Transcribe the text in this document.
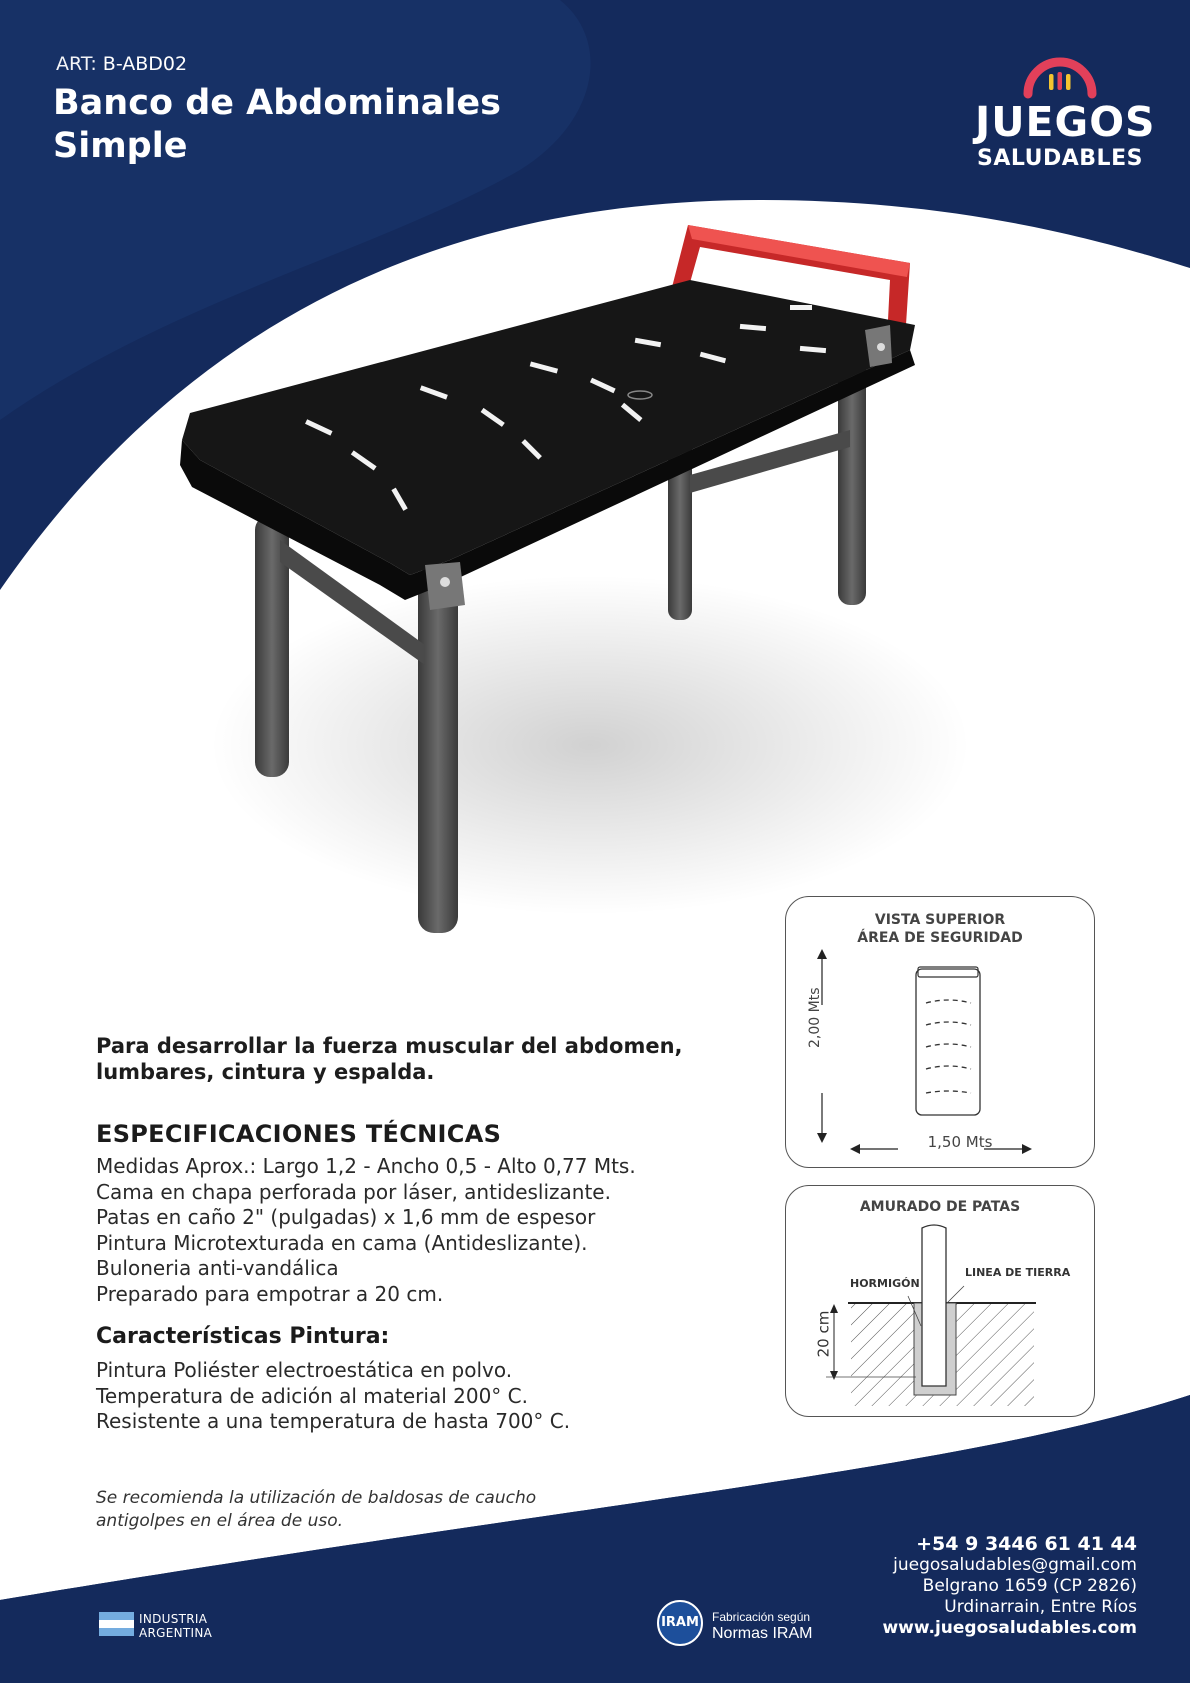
ART: B-ABD02
Banco de Abdominales
Simple	JUEGOS
SALUDABLES

Para desarrollar la fuerza muscular del abdomen,
lumbares, cintura y espalda.

ESPECIFICACIONES TÉCNICAS
Medidas Aprox.: Largo 1,2 - Ancho 0,5 - Alto 0,77 Mts.
Cama en chapa perforada por láser, antideslizante.
Patas en caño 2" (pulgadas) x 1,6 mm de espesor
Pintura Microtexturada en cama (Antideslizante).
Buloneria anti-vandálica
Preparado para empotrar a 20 cm.
Características Pintura:
Pintura Poliéster electroestática en polvo.
Temperatura de adición al material 200° C.
Resistente a una temperatura de hasta 700° C.

Se recomienda la utilización de baldosas de caucho
antigolpes en el área de uso.

VISTA SUPERIOR
ÁREA DE SEGURIDAD
2,00 Mts
1,50 Mts
AMURADO DE PATAS
HORMIGÓN
LINEA DE TIERRA
20 cm
+54 9 3446 61 41 44
juegosaludables@gmail.com
Belgrano 1659 (CP 2826)
Urdinarrain, Entre Ríos
www.juegosaludables.com
INDUSTRIA
ARGENTINA
IRAM	Fabricación según
Normas IRAM
